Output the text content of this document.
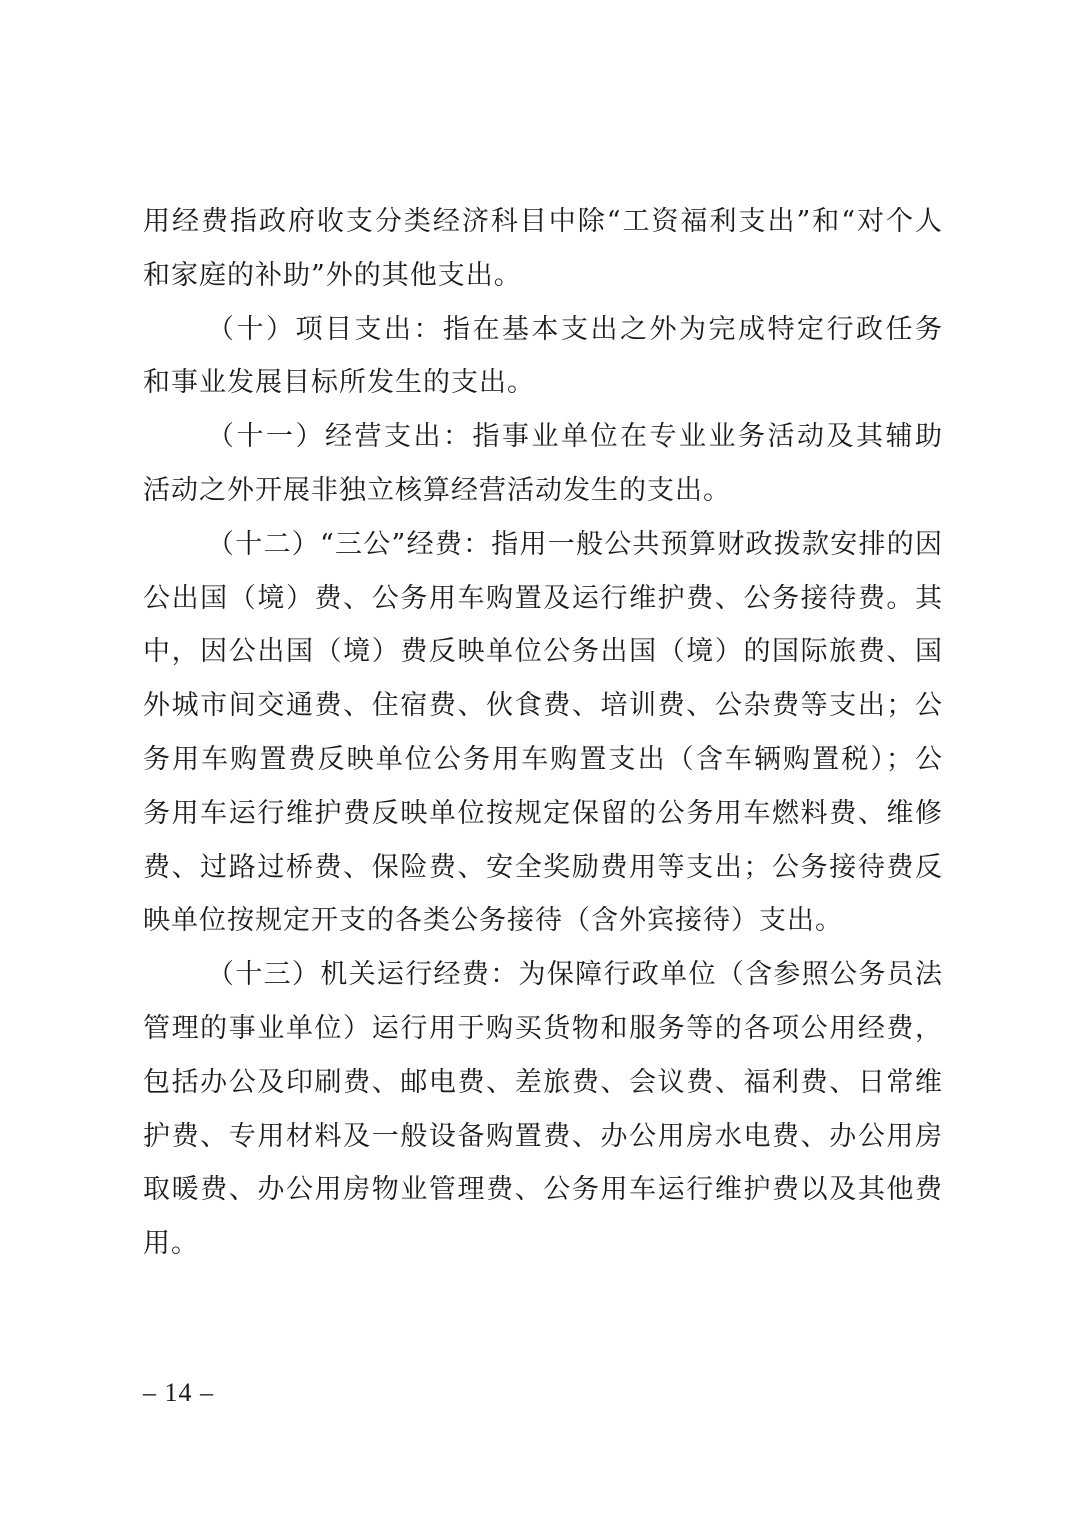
用经费指政府收支分类经济科目中除“工资福利支出”和“对个人
和家庭的补助”外的其他支出。
（十）项目支出：指在基本支出之外为完成特定行政任务
和事业发展目标所发生的支出。
（十一）经营支出：指事业单位在专业业务活动及其辅助
活动之外开展非独立核算经营活动发生的支出。
（十二）“三公”经费：指用一般公共预算财政拨款安排的因
公出国（境）费、公务用车购置及运行维护费、公务接待费。其
中，因公出国（境）费反映单位公务出国（境）的国际旅费、国
外城市间交通费、住宿费、伙食费、培训费、公杂费等支出；公
务用车购置费反映单位公务用车购置支出（含车辆购置税）；公
务用车运行维护费反映单位按规定保留的公务用车燃料费、维修
费、过路过桥费、保险费、安全奖励费用等支出；公务接待费反
映单位按规定开支的各类公务接待（含外宾接待）支出。
（十三）机关运行经费：为保障行政单位（含参照公务员法
管理的事业单位）运行用于购买货物和服务等的各项公用经费，
包括办公及印刷费、邮电费、差旅费、会议费、福利费、日常维
护费、专用材料及一般设备购置费、办公用房水电费、办公用房
取暖费、办公用房物业管理费、公务用车运行维护费以及其他费
用。
– 14 –
